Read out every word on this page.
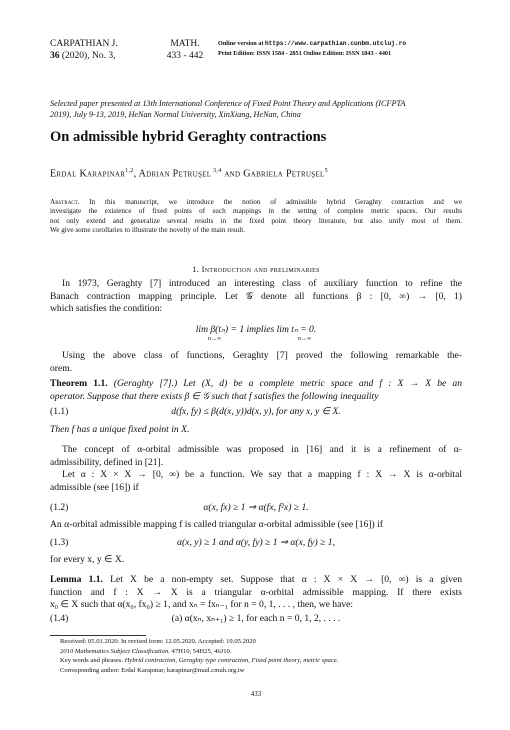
CARPATHIAN J.
36 (2020), No. 3,
MATH.
433 - 442
Online version at https://www.carpathian.cunbm.utcluj.ro
Print Edition: ISSN 1584 - 2851 Online Edition: ISSN 1843 - 4401
Selected paper presented at 13th International Conference of Fixed Point Theory and Applications (ICFPTA
2019), July 9-13, 2019, HeNan Normal University, XinXiang, HeNan, China
On admissible hybrid Geraghty contractions
Erdal Karapınar$^{1,2}$, Adrian Petruşel $^{3,4}$ and Gabriela Petruşel$^5$
Abstract. In this manuscript, we introduce the notion of admissible hybrid Geraghty contraction and we
investigate the existence of fixed points of such mappings in the setting of complete metric spaces. Our results
not only extend and generalize several results in the fixed point theory literature, but also unify most of them.
We give some corollaries to illustrate the novelty of the main result.
1. Introduction and preliminaries
In 1973, Geraghty [7] introduced an interesting class of auxiliary function to refine the
Banach contraction mapping principle. Let 𝒢 denote all functions β : [0, ∞) → [0, 1)
which satisfies the condition:
lim β(tₙ) = 1 implies lim tₙ = 0.
n→∞	n→∞
Using the above class of functions, Geraghty [7] proved the following remarkable the-
orem.
Theorem 1.1. (Geraghty [7].) Let (X, d) be a complete metric space and f : X → X be an
operator. Suppose that there exists β ∈ 𝒢 such that f satisfies the following inequality
(1.1)	d(fx, fy) ≤ β(d(x, y))d(x, y), for any x, y ∈ X.
Then f has a unique fixed point in X.
The concept of α-orbital admissible was proposed in [16] and it is a refinement of α-
admissibility, defined in [21].
Let α : X × X → [0, ∞) be a function. We say that a mapping f : X → X is α-orbital
admissible (see [16]) if
(1.2)	α(x, fx) ≥ 1 ⇒ α(fx, f²x) ≥ 1.
An α-orbital admissible mapping f is called triangular α-orbital admissible (see [16]) if
(1.3)	α(x, y) ≥ 1 and α(y, fy) ≥ 1 ⇒ α(x, fy) ≥ 1,
for every x, y ∈ X.
Lemma 1.1. Let X be a non-empty set. Suppose that α : X × X → [0, ∞) is a given
function and f : X → X is a triangular α-orbital admissible mapping. If there exists
x₀ ∈ X such that α(x₀, fx₀) ≥ 1, and xₙ = fxₙ₋₁ for n = 0, 1, . . . , then, we have:
(1.4)	(a) α(xₙ, xₙ₊₁) ≥ 1, for each n = 0, 1, 2, . . . .
Received: 05.01.2020. In revised form: 12.05.2020. Accepted: 19.05.2020
2010 Mathematics Subject Classification. 47H10, 54H25, 46J10.
Key words and phrases. Hybrid contraction, Geraghty type contraction, Fixed point theory, metric space.
Corresponding author: Erdal Karapınar; karapinar@mail.cmuh.org.tw
433
